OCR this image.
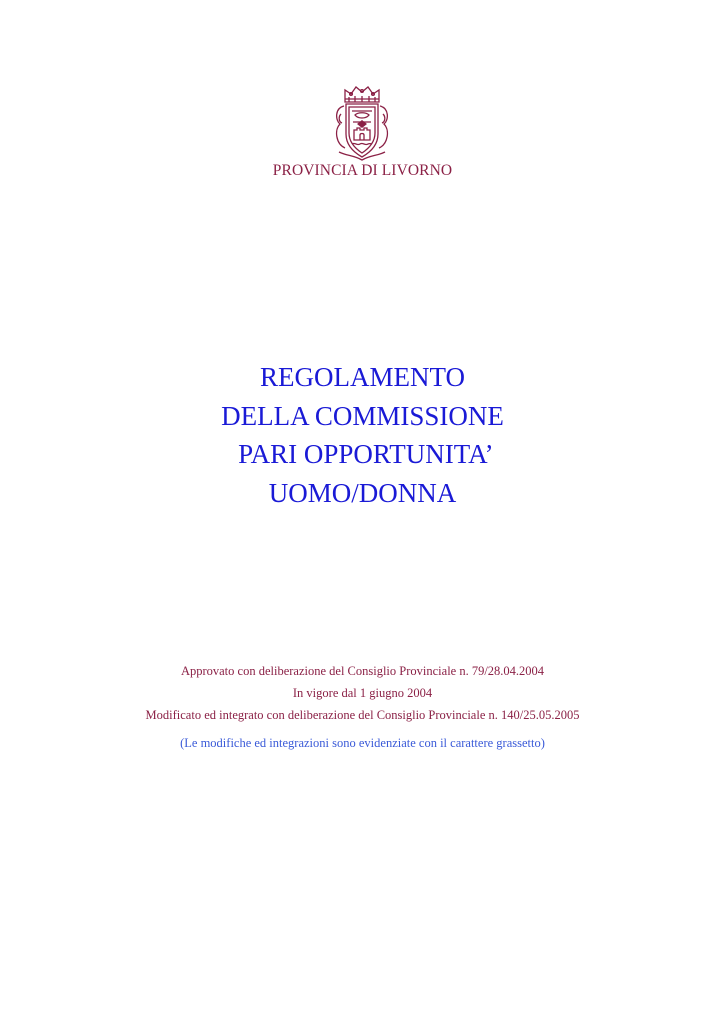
PROVINCIA DI LIVORNO
REGOLAMENTO
DELLA COMMISSIONE
PARI OPPORTUNITA’
UOMO/DONNA
Approvato con deliberazione del Consiglio Provinciale n. 79/28.04.2004
In vigore dal 1 giugno 2004
Modificato ed integrato con deliberazione del Consiglio Provinciale n. 140/25.05.2005
(Le modifiche ed integrazioni sono evidenziate con il carattere grassetto)
